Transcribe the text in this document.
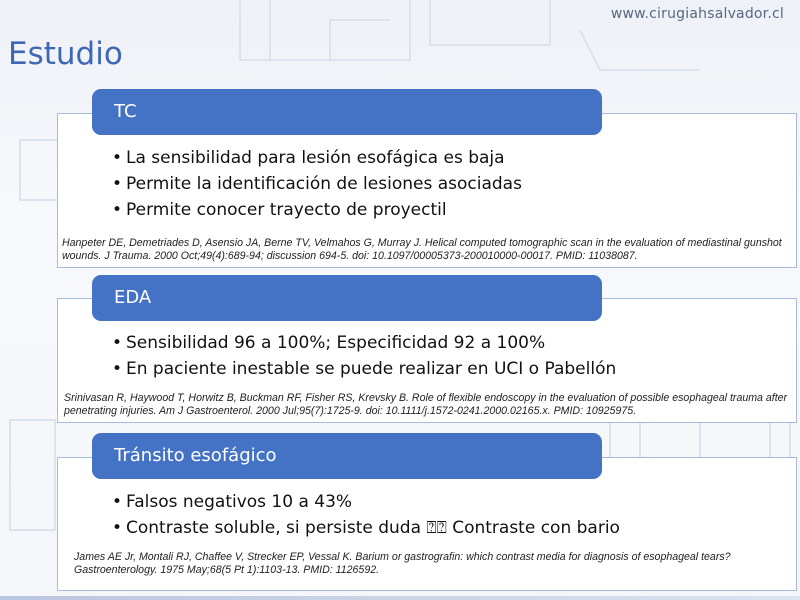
www.cirugiahsalvador.cl
Estudio
TC
• La sensibilidad para lesión esofágica es baja
• Permite la identificación de lesiones asociadas
• Permite conocer trayecto de proyectil
Hanpeter DE, Demetriades D, Asensio JA, Berne TV, Velmahos G, Murray J. Helical computed tomographic scan in the evaluation of mediastinal gunshot wounds. J Trauma. 2000 Oct;49(4):689-94; discussion 694-5. doi: 10.1097/00005373-200010000-00017. PMID: 11038087.
EDA
• Sensibilidad 96 a 100%; Especificidad 92 a 100%
• En paciente inestable se puede realizar en UCI o Pabellón
Srinivasan R, Haywood T, Horwitz B, Buckman RF, Fisher RS, Krevsky B. Role of flexible endoscopy in the evaluation of possible esophageal trauma after penetrating injuries. Am J Gastroenterol. 2000 Jul;95(7):1725-9. doi: 10.1111/j.1572-0241.2000.02165.x. PMID: 10925975.
Tránsito esofágico
• Falsos negativos 10 a 43%
• Contraste soluble, si persiste duda ⍰⍰ Contraste con bario
James AE Jr, Montali RJ, Chaffee V, Strecker EP, Vessal K. Barium or gastrografin: which contrast media for diagnosis of esophageal tears? Gastroenterology. 1975 May;68(5 Pt 1):1103-13. PMID: 1126592.
